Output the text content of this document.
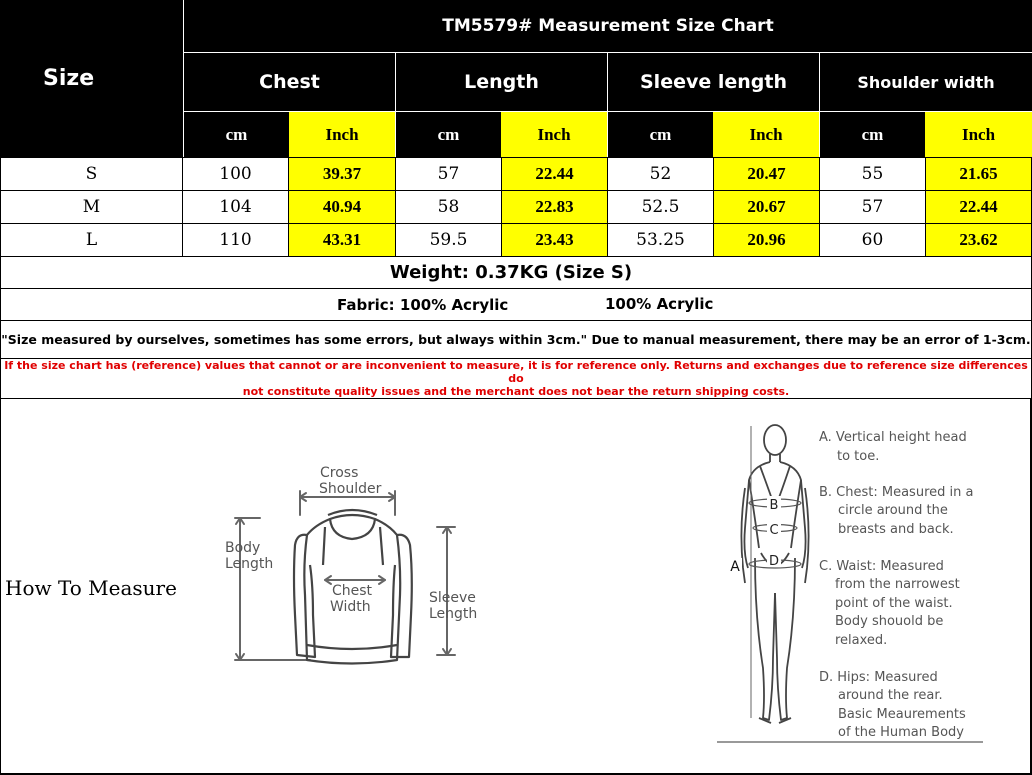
Size
TM5579# Measurement Size Chart
Chest	Length	Sleeve length	Shoulder width
cm	Inch	cm	Inch	cm	Inch	cm	Inch
S	100	39.37	57	22.44	52	20.47	55	21.65
M	104	40.94	58	22.83	52.5	20.67	57	22.44
L	110	43.31	59.5	23.43	53.25	20.96	60	23.62
Weight: 0.37KG (Size S)
Fabric: 100% Acrylic	100% Acrylic
"Size measured by ourselves, sometimes has some errors, but always within 3cm." Due to manual measurement, there may be an error of 1-3cm.
If the size chart has (reference) values that cannot or are inconvenient to measure, it is for reference only. Returns and exchanges due to reference size differences do
not constitute quality issues and the merchant does not bear the return shipping costs.
How To Measure
Cross
Shoulder
Body
Length
Chest
Width
Sleeve
Length
B
C
D
A
A. Vertical height head
to toe.
B. Chest: Measured in a
circle around the
breasts and back.
C. Waist: Measured
from the narrowest
point of the waist.
Body shouold be
relaxed.
D. Hips: Measured
around the rear.
Basic Meaurements
of the Human Body
